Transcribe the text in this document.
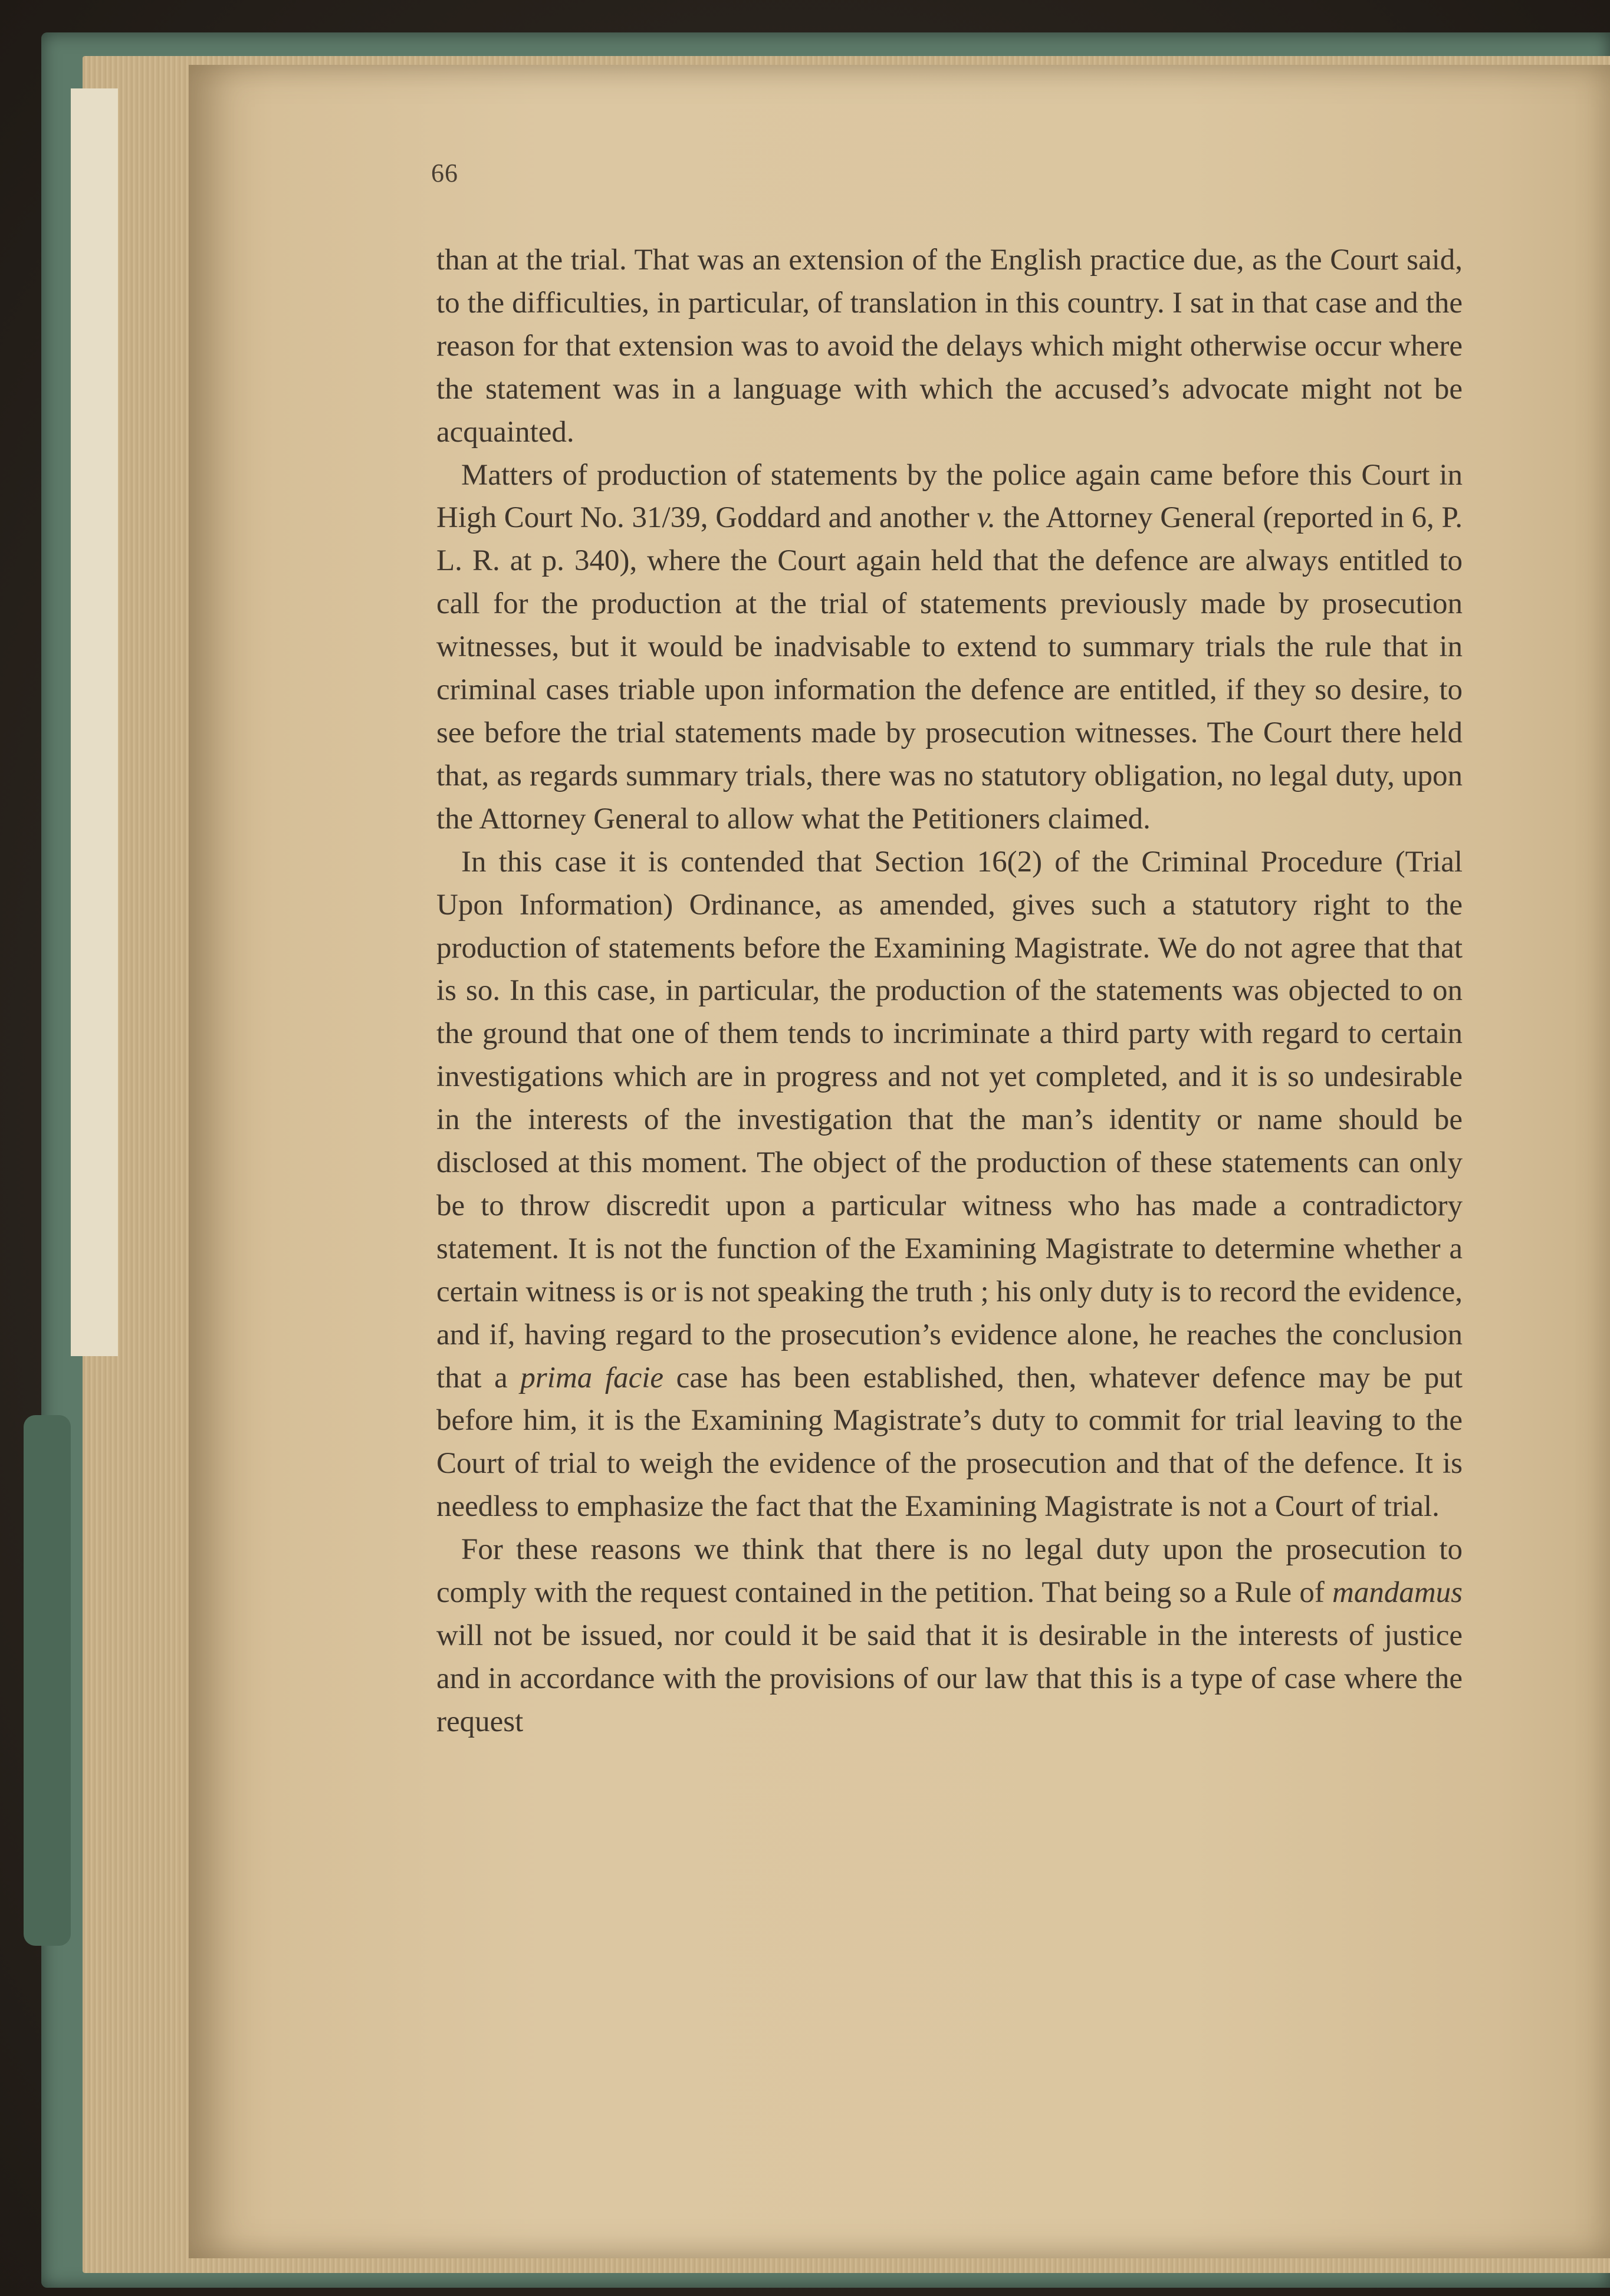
66

than at the trial. That was an extension of the English practice due, as the Court said, to the difficulties, in particular, of translation in this country. I sat in that case and the reason for that extension was to avoid the delays which might otherwise occur where the statement was in a language with which the accused’s advocate might not be acquainted.

Matters of production of statements by the police again came before this Court in High Court No. 31/39, Goddard and another v. the Attorney General (reported in 6, P. L. R. at p. 340), where the Court again held that the defence are always entitled to call for the production at the trial of statements previously made by prosecution witnesses, but it would be inadvisable to extend to summary trials the rule that in criminal cases triable upon information the defence are entitled, if they so desire, to see before the trial statements made by prosecution witnesses. The Court there held that, as regards summary trials, there was no statutory obligation, no legal duty, upon the Attorney General to allow what the Petitioners claimed.

In this case it is contended that Section 16(2) of the Criminal Procedure (Trial Upon Information) Ordinance, as amended, gives such a statutory right to the production of statements before the Examining Magistrate. We do not agree that that is so. In this case, in particular, the production of the statements was objected to on the ground that one of them tends to incriminate a third party with regard to certain investigations which are in progress and not yet completed, and it is so undesirable in the interests of the investigation that the man’s identity or name should be disclosed at this moment. The object of the production of these statements can only be to throw discredit upon a particular witness who has made a contradictory statement. It is not the function of the Examining Magistrate to determine whether a certain witness is or is not speaking the truth ; his only duty is to record the evidence, and if, having regard to the prosecution’s evidence alone, he reaches the conclusion that a prima facie case has been established, then, whatever defence may be put before him, it is the Examining Magistrate’s duty to commit for trial leaving to the Court of trial to weigh the evidence of the prosecution and that of the defence. It is needless to emphasize the fact that the Examining Magistrate is not a Court of trial.

For these reasons we think that there is no legal duty upon the prosecution to comply with the request contained in the petition. That being so a Rule of mandamus will not be issued, nor could it be said that it is desirable in the interests of justice and in accordance with the provisions of our law that this is a type of case where the request
